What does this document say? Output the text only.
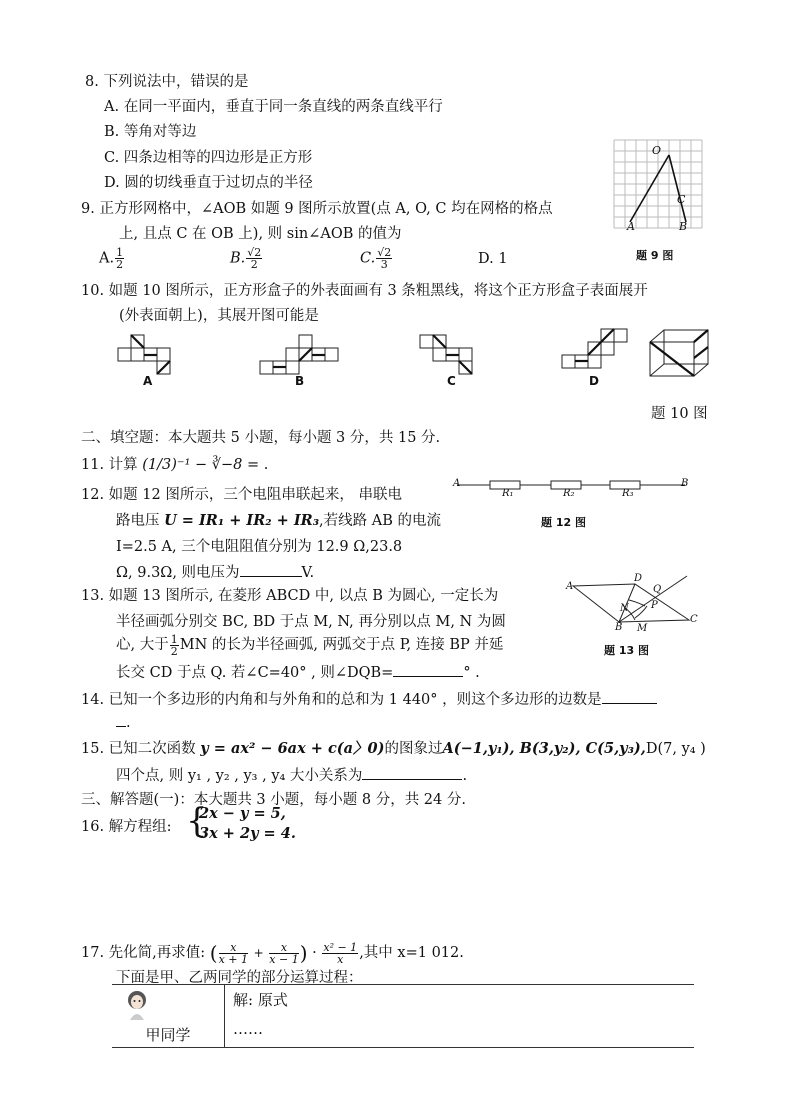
8. 下列说法中，错误的是
A. 在同一平面内，垂直于同一条直线的两条直线平行
B. 等角对等边
C. 四条边相等的四边形是正方形
D. 圆的切线垂直于过切点的半径
O
A	B
C
题 9 图
9. 正方形网格中，∠AOB 如题 9 图所示放置(点 A, O, C 均在网格的格点
上, 且点 C 在 OB 上), 则 sin∠AOB 的值为
A. $\frac{1}{2}$	B. $\frac{√2}{2}$	C. $\frac{√2}{3}$	D. 1
10. 如题 10 图所示，正方形盒子的外表面画有 3 条粗黑线，将这个正方形盒子表面展开
(外表面朝上)，其展开图可能是
A	B	C	D
题 10 图
二、填空题：本大题共 5 小题，每小题 3 分，共 15 分.
11. 计算 (1/3)⁻¹ − ∛−8 = .
A	B
R₁	R₂	R₃
题 12 图
12. 如题 12 图所示，三个电阻串联起来， 串联电
路电压 U = IR₁ + IR₂ + IR₃,若线路 AB 的电流
I=2.5 A, 三个电阻阻值分别为 12.9 Ω,23.8
Ω, 9.3Ω, 则电压为	V.
A
B
C
D
M
N P
Q
题 13 图
13. 如题 13 图所示, 在菱形 ABCD 中, 以点 B 为圆心, 一定长为
半径画弧分别交 BC, BD 于点 M, N, 再分别以点 M, N 为圆
心, 大于 $\frac{1}{2}$ MN 的长为半径画弧, 两弧交于点 P, 连接 BP 并延
长交 CD 于点 Q. 若∠C=40° , 则∠DQB=	° .
14. 已知一个多边形的内角和与外角和的总和为 1 440° ，则这个多边形的边数是
.
15. 已知二次函数 y = ax² − 6ax + c(a〉0)的图象过A(−1,y₁), B(3,y₂), C(5,y₃),D(7, y₄ )
四个点, 则 y₁ , y₂ , y₃ , y₄ 大小关系为	.
三、解答题(一)：本大题共 3 小题，每小题 8 分，共 24 分.
16. 解方程组: {
2x − y = 5,
3x + 2y = 4.
17. 先化简,再求值: ( $\frac{x}{x + 1} + \frac{x}{x - 1}$ ) · $\frac{\text{x² − 1}}{x}$ ,其中 x=1 012.
下面是甲、乙两同学的部分运算过程：
甲同学

解: 原式
……
